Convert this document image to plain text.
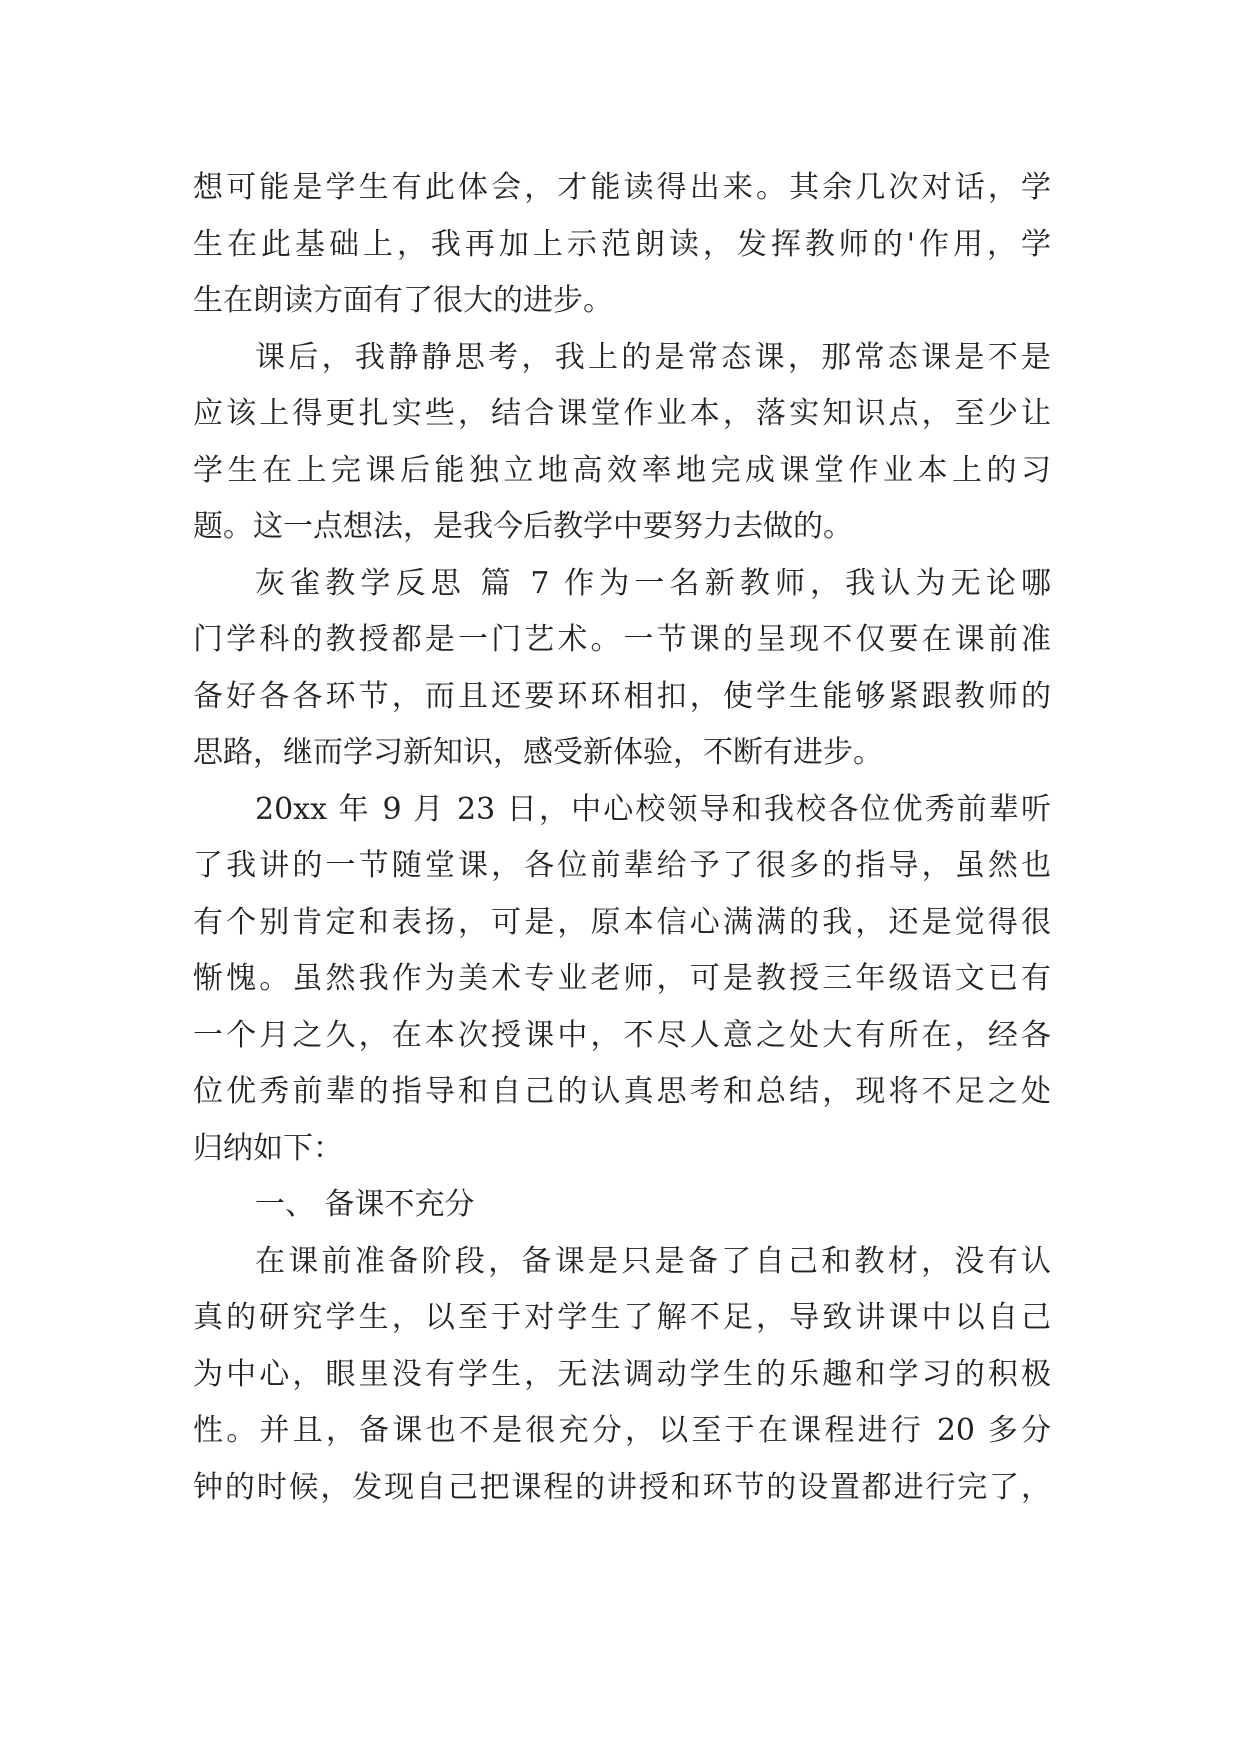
想可能是学生有此体会，才能读得出来。其余几次对话，学
生在此基础上，我再加上示范朗读，发挥教师的'作用，学
生在朗读方面有了很大的进步。
课后，我静静思考，我上的是常态课，那常态课是不是
应该上得更扎实些，结合课堂作业本，落实知识点，至少让
学生在上完课后能独立地高效率地完成课堂作业本上的习
题。这一点想法，是我今后教学中要努力去做的。
灰雀教学反思 篇 7 作为一名新教师，我认为无论哪
门学科的教授都是一门艺术。一节课的呈现不仅要在课前准
备好各各环节，而且还要环环相扣，使学生能够紧跟教师的
思路，继而学习新知识，感受新体验，不断有进步。
20xx 年 9 月 23 日，中心校领导和我校各位优秀前辈听
了我讲的一节随堂课，各位前辈给予了很多的指导，虽然也
有个别肯定和表扬，可是，原本信心满满的我，还是觉得很
惭愧。虽然我作为美术专业老师，可是教授三年级语文已有
一个月之久，在本次授课中，不尽人意之处大有所在，经各
位优秀前辈的指导和自己的认真思考和总结，现将不足之处
归纳如下：
一、 备课不充分
在课前准备阶段，备课是只是备了自己和教材，没有认
真的研究学生，以至于对学生了解不足，导致讲课中以自己
为中心，眼里没有学生，无法调动学生的乐趣和学习的积极
性。并且，备课也不是很充分，以至于在课程进行 20 多分
钟的时候，发现自己把课程的讲授和环节的设置都进行完了，
